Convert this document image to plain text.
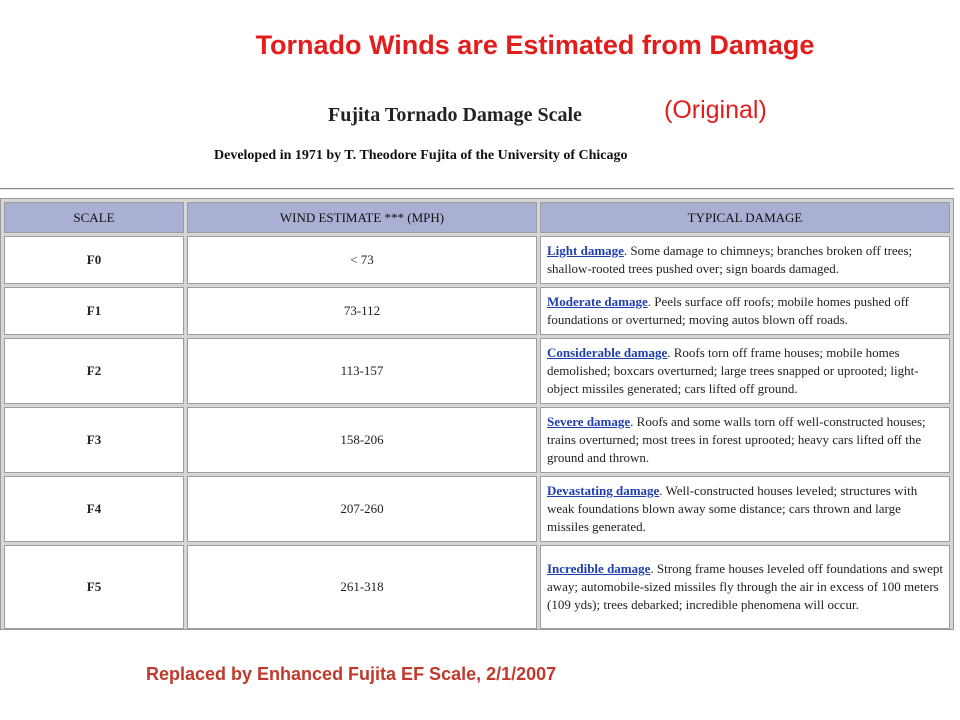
Tornado Winds are Estimated from Damage
Fujita Tornado Damage Scale	(Original)
Developed in 1971 by T. Theodore Fujita of the University of Chicago
SCALE	WIND ESTIMATE *** (MPH)	TYPICAL DAMAGE
F0	< 73	Light damage. Some damage to chimneys; branches broken off trees; shallow-rooted trees pushed over; sign boards damaged.
F1	73-112	Moderate damage. Peels surface off roofs; mobile homes pushed off foundations or overturned; moving autos blown off roads.
F2	113-157	Considerable damage. Roofs torn off frame houses; mobile homes demolished; boxcars overturned; large trees snapped or uprooted; light-object missiles generated; cars lifted off ground.
F3	158-206	Severe damage. Roofs and some walls torn off well-constructed houses; trains overturned; most trees in forest uprooted; heavy cars lifted off the ground and thrown.
F4	207-260	Devastating damage. Well-constructed houses leveled; structures with weak foundations blown away some distance; cars thrown and large missiles generated.
F5	261-318	Incredible damage. Strong frame houses leveled off foundations and swept away; automobile-sized missiles fly through the air in excess of 100 meters (109 yds); trees debarked; incredible phenomena will occur.
Replaced by Enhanced Fujita EF Scale, 2/1/2007
